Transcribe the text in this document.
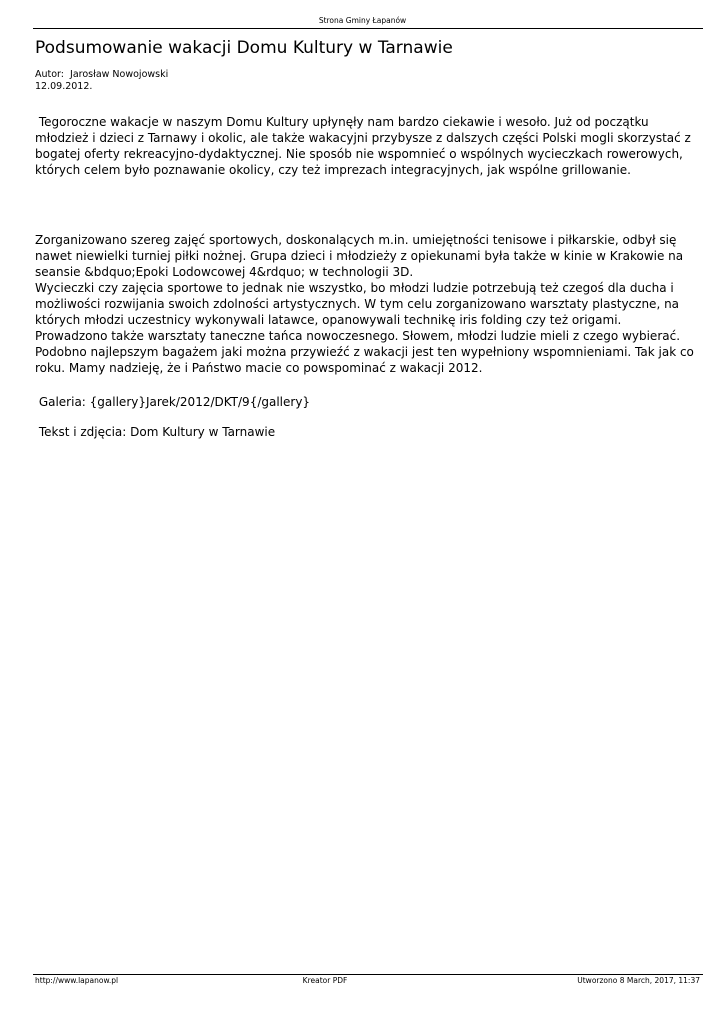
Strona Gminy Łapanów
Podsumowanie wakacji Domu Kultury w Tarnawie
Autor:  Jarosław Nowojowski
12.09.2012.

Tegoroczne wakacje w naszym Domu Kultury upłynęły nam bardzo ciekawie i wesoło. Już od początku młodzież i dzieci z Tarnawy i okolic, ale także wakacyjni przybysze z dalszych części Polski mogli skorzystać z bogatej oferty rekreacyjno-dydaktycznej. Nie sposób nie wspomnieć o wspólnych wycieczkach rowerowych, których celem było poznawanie okolicy, czy też imprezach integracyjnych, jak wspólne grillowanie.

Zorganizowano szereg zajęć sportowych, doskonalących m.in. umiejętności tenisowe i piłkarskie, odbył się nawet niewielki turniej piłki nożnej. Grupa dzieci i młodzieży z opiekunami była także w kinie w Krakowie na seansie &bdquo;Epoki Lodowcowej 4&rdquo; w technologii 3D.
Wycieczki czy zajęcia sportowe to jednak nie wszystko, bo młodzi ludzie potrzebują też czegoś dla ducha i możliwości rozwijania swoich zdolności artystycznych. W tym celu zorganizowano warsztaty plastyczne, na których młodzi uczestnicy wykonywali latawce, opanowywali technikę iris folding czy też origami. Prowadzono także warsztaty taneczne tańca nowoczesnego. Słowem, młodzi ludzie mieli z czego wybierać.
Podobno najlepszym bagażem jaki można przywieźć z wakacji jest ten wypełniony wspomnieniami. Tak jak co roku. Mamy nadzieję, że i Państwo macie co powspominać z wakacji 2012.

Galeria: {gallery}Jarek/2012/DKT/9{/gallery}

Tekst i zdjęcia: Dom Kultury w Tarnawie

http://www.lapanow.pl	Kreator PDF	Utworzono 8 March, 2017, 11:37
